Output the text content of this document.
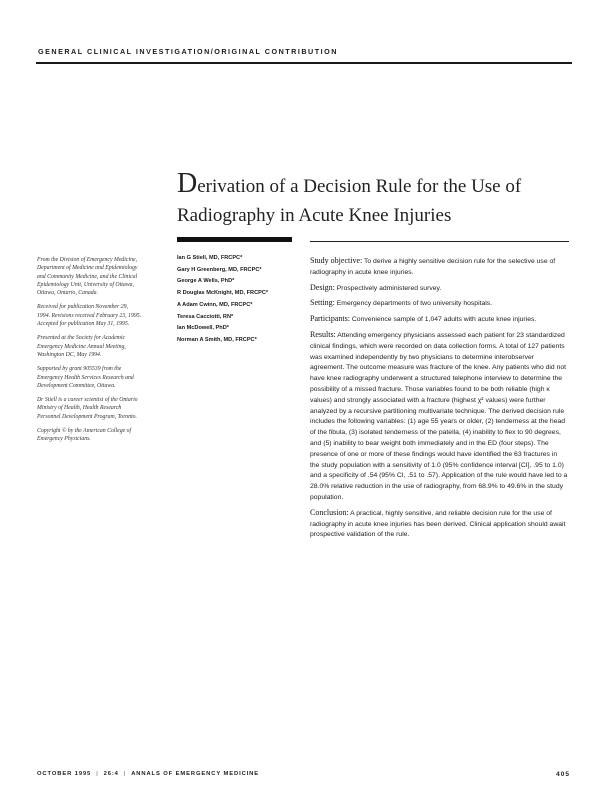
GENERAL CLINICAL INVESTIGATION/ORIGINAL CONTRIBUTION
Derivation of a Decision Rule for the Use of Radiography in Acute Knee Injuries

From the Division of Emergency Medicine, Department of Medicine and Epidemiology and Community Medicine, and the Clinical Epidemiology Unit, University of Ottawa, Ottawa, Ontario, Canada.

Received for publication November 29, 1994. Revisions received February 23, 1995. Accepted for publication May 31, 1995.

Presented at the Society for Academic Emergency Medicine Annual Meeting, Washington DC, May 1994.

Supported by grant 905539 from the Emergency Health Services Research and Development Committee, Ottawa.

Dr Stiell is a career scientist of the Ontario Ministry of Health, Health Research Personnel Development Program, Toronto.

Copyright © by the American College of Emergency Physicians.

Ian G Stiell, MD, FRCPC*
Gary H Greenberg, MD, FRCPC*
George A Wells, PhD*
R Douglas McKnight, MD, FRCPC*
A Adam Cwinn, MD, FRCPC*
Teresa Cacciotti, RN*
Ian McDowell, PhD*
Norman A Smith, MD, FRCPC*

Study objective: To derive a highly sensitive decision rule for the selective use of radiography in acute knee injuries.

Design: Prospectively administered survey.

Setting: Emergency departments of two university hospitals.

Participants: Convenience sample of 1,047 adults with acute knee injuries.

Results: Attending emergency physicians assessed each patient for 23 standardized clinical findings, which were recorded on data collection forms. A total of 127 patients was examined independently by two physicians to determine interobserver agreement. The outcome measure was fracture of the knee. Any patients who did not have knee radiography underwent a structured telephone interview to determine the possibility of a missed fracture. Those variables found to be both reliable (high κ values) and strongly associated with a fracture (highest χ² values) were further analyzed by a recursive partitioning multivariate technique. The derived decision rule includes the following variables: (1) age 55 years or older, (2) tenderness at the head of the fibula, (3) isolated tenderness of the patella, (4) inability to flex to 90 degrees, and (5) inability to bear weight both immediately and in the ED (four steps). The presence of one or more of these findings would have identified the 63 fractures in the study population with a sensitivity of 1.0 (95% confidence interval [CI], .95 to 1.0) and a specificity of .54 (95% CI, .51 to .57). Application of the rule would have led to a 28.0% relative reduction in the use of radiography, from 68.9% to 49.6% in the study population.

Conclusion: A practical, highly sensitive, and reliable decision rule for the use of radiography in acute knee injuries has been derived. Clinical application should await prospective validation of the rule.

OCTOBER 1995 | 26:4 | ANNALS OF EMERGENCY MEDICINE	405
